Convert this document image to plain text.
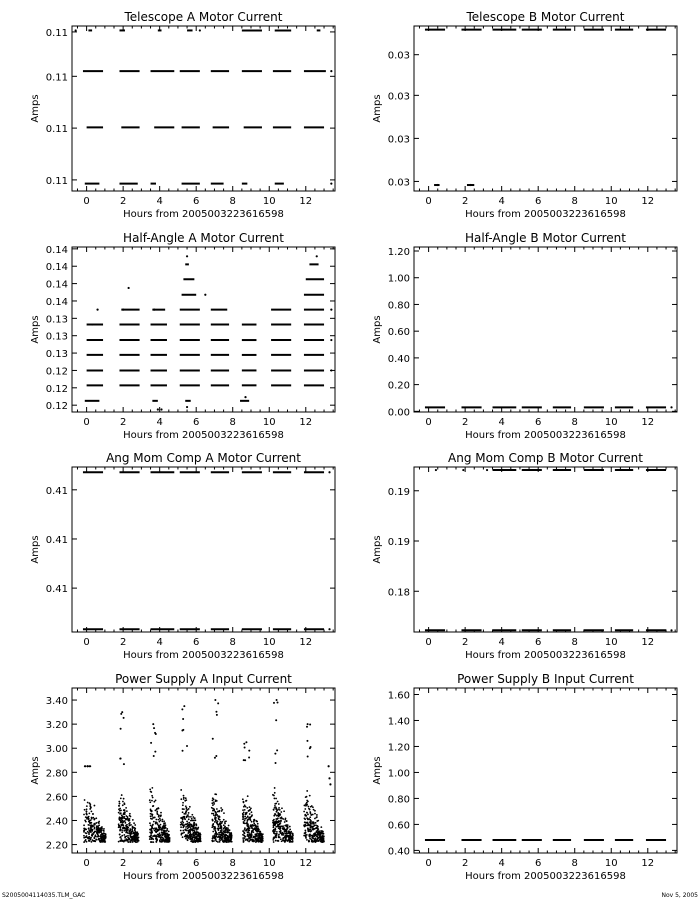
Telescope A Motor Current
0	2	4	6	8	10 12
0.11
0.11
0.11
0.11
Hours from 2005003223616598
Amps
Telescope B Motor Current
0	2	4	6	8	10 12
0.03
0.03
0.03
0.03
Hours from 2005003223616598
Amps
Half-Angle A Motor Current
0	2	4	6	8	10 12
0.12
0.12
0.12
0.13
0.13
0.13
0.14
0.14
0.14
0.14
Hours from 2005003223616598
Amps
Half-Angle B Motor Current
0	2	4	6	8	10 12
0.00
0.20
0.40
0.60
0.80
1.00
1.20
Hours from 2005003223616598
Amps
Ang Mom Comp A Motor Current
0	2	4	6	8	10 12
0.41
0.41
0.41
Hours from 2005003223616598
Amps
Ang Mom Comp B Motor Current
0	2	4	6	8	10 12
0.18
0.19
0.19
Hours from 2005003223616598
Amps
Power Supply A Input Current
0	2	4	6	8	10 12
2.20
2.40
2.60
2.80
3.00
3.20
3.40
Hours from 2005003223616598
Amps
Power Supply B Input Current
0	2	4	6	8	10 12
0.40
0.60
0.80
1.00
1.20
1.40
1.60
Hours from 2005003223616598
Amps
S2005004114035.TLM_GAC	Nov 5, 2005
